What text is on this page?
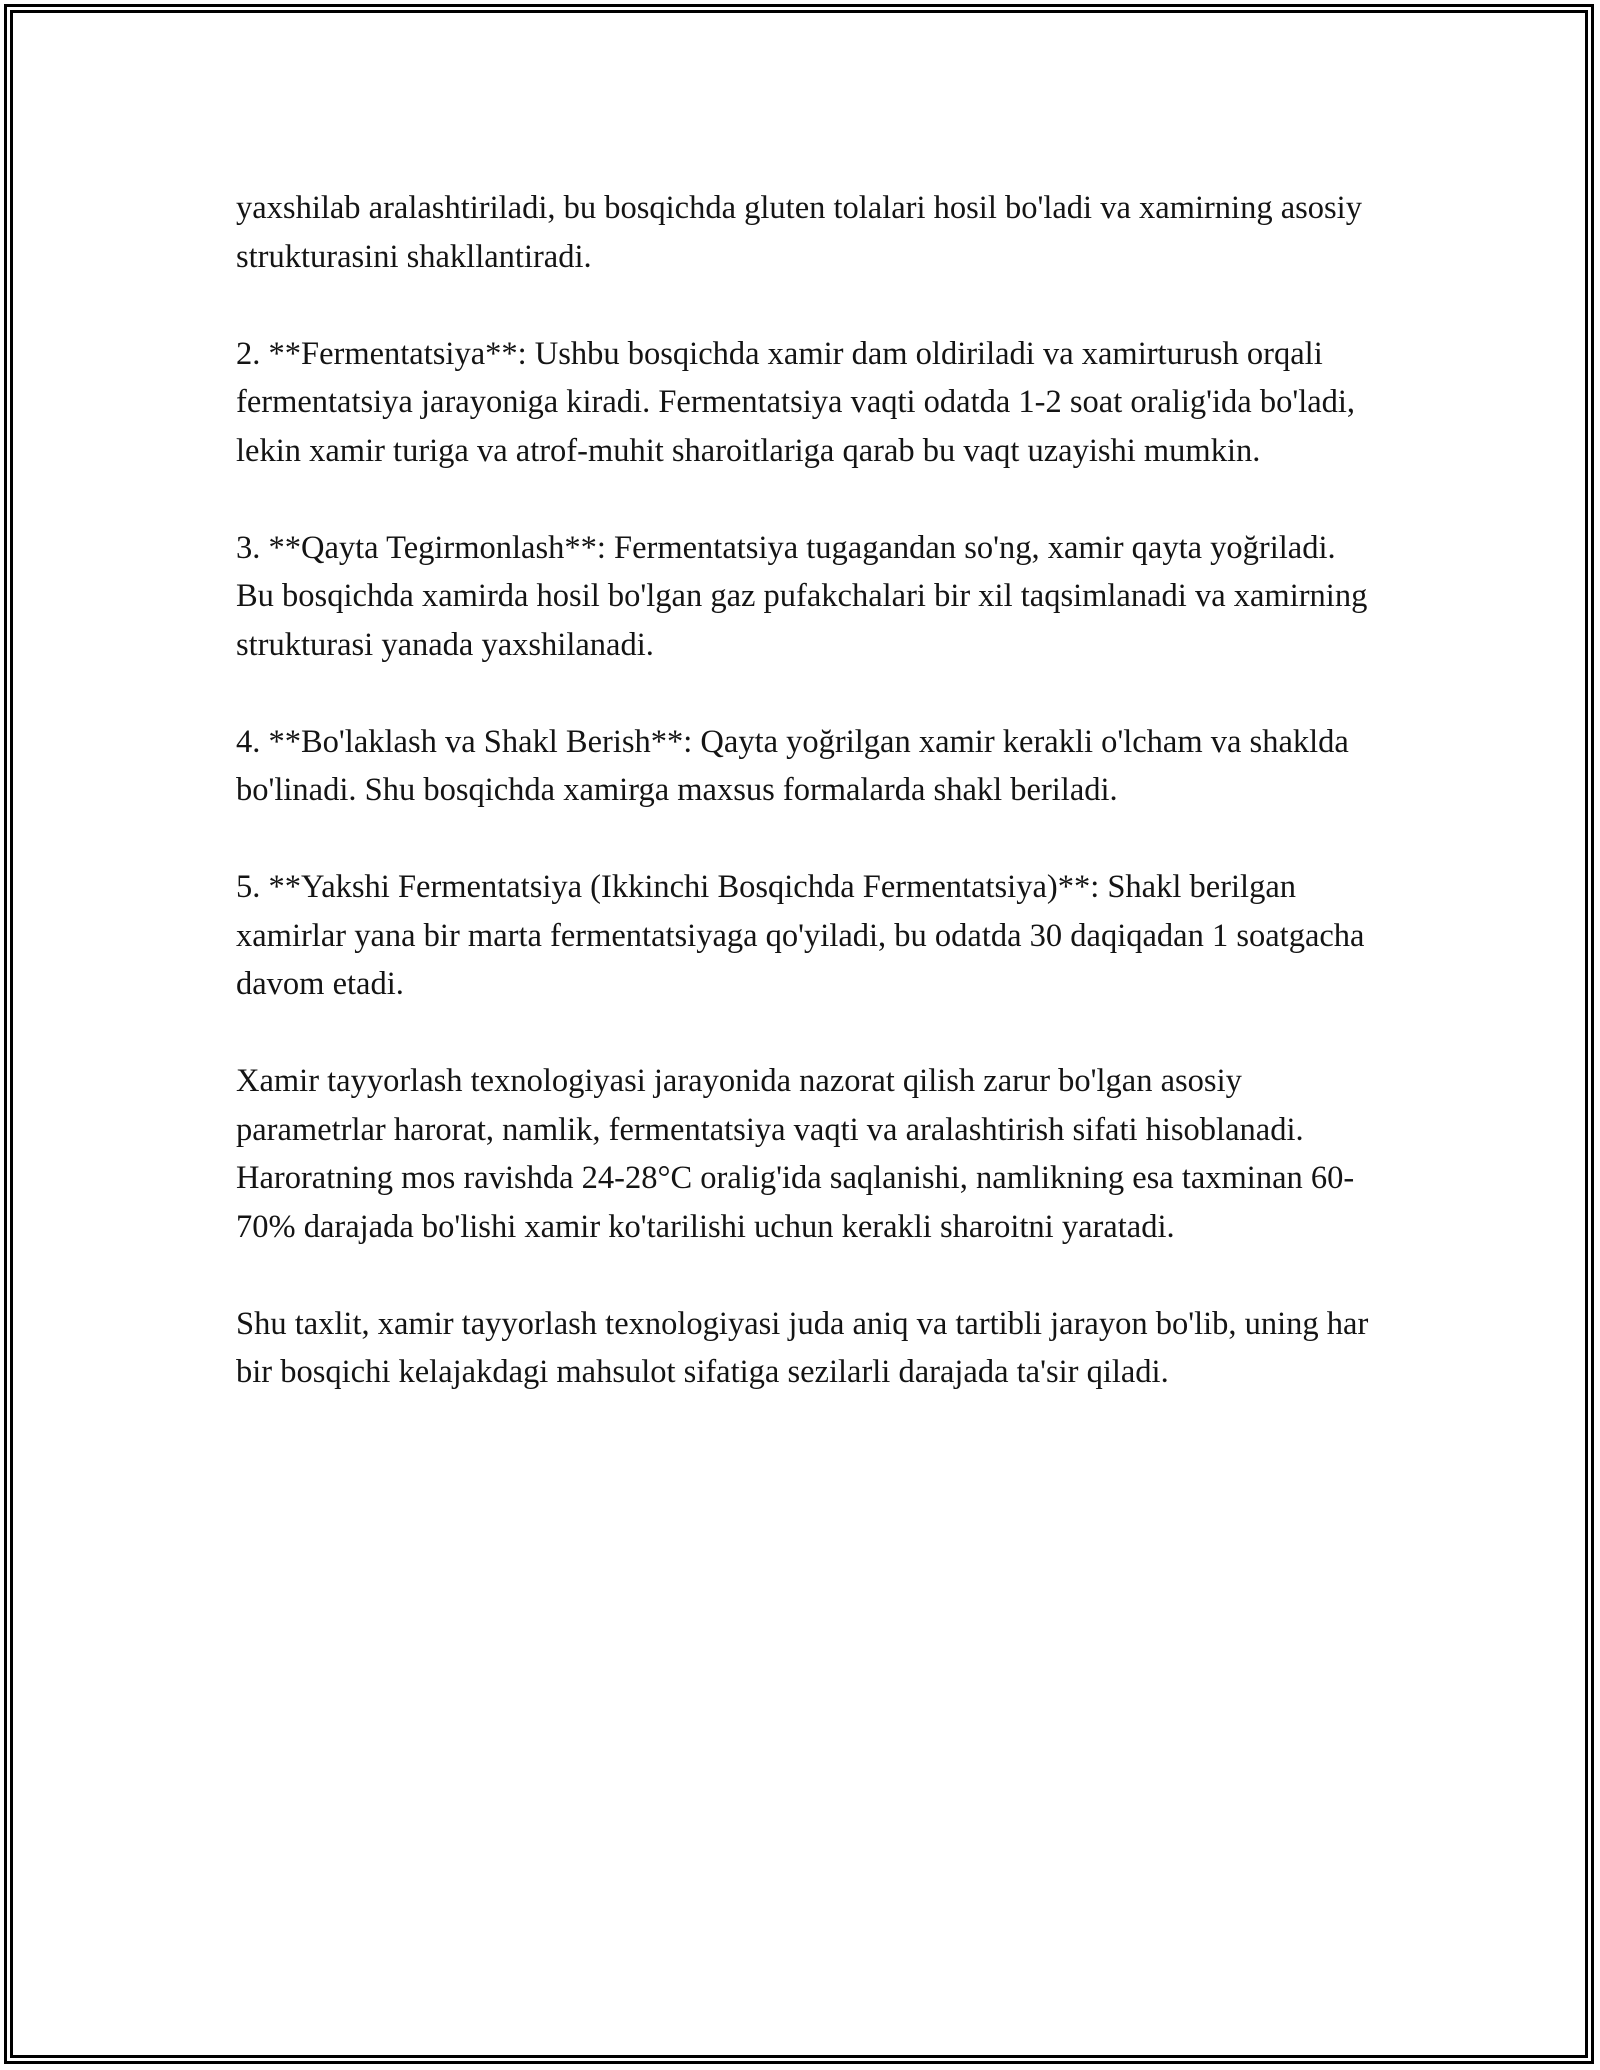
yaxshilab aralashtiriladi, bu bosqichda gluten tolalari hosil bo'ladi va xamirning asosiy strukturasini shakllantiradi.

2. **Fermentatsiya**: Ushbu bosqichda xamir dam oldiriladi va xamirturush orqali fermentatsiya jarayoniga kiradi. Fermentatsiya vaqti odatda 1-2 soat oralig'ida bo'ladi, lekin xamir turiga va atrof-muhit sharoitlariga qarab bu vaqt uzayishi mumkin.

3. **Qayta Tegirmonlash**: Fermentatsiya tugagandan so'ng, xamir qayta yoğriladi. Bu bosqichda xamirda hosil bo'lgan gaz pufakchalari bir xil taqsimlanadi va xamirning strukturasi yanada yaxshilanadi.

4. **Bo'laklash va Shakl Berish**: Qayta yoğrilgan xamir kerakli o'lcham va shaklda bo'linadi. Shu bosqichda xamirga maxsus formalarda shakl beriladi.

5. **Yakshi Fermentatsiya (Ikkinchi Bosqichda Fermentatsiya)**: Shakl berilgan xamirlar yana bir marta fermentatsiyaga qo'yiladi, bu odatda 30 daqiqadan 1 soatgacha davom etadi.

Xamir tayyorlash texnologiyasi jarayonida nazorat qilish zarur bo'lgan asosiy parametrlar harorat, namlik, fermentatsiya vaqti va aralashtirish sifati hisoblanadi. Haroratning mos ravishda 24-28°C oralig'ida saqlanishi, namlikning esa taxminan 60-70% darajada bo'lishi xamir ko'tarilishi uchun kerakli sharoitni yaratadi.

Shu taxlit, xamir tayyorlash texnologiyasi juda aniq va tartibli jarayon bo'lib, uning har bir bosqichi kelajakdagi mahsulot sifatiga sezilarli darajada ta'sir qiladi.
